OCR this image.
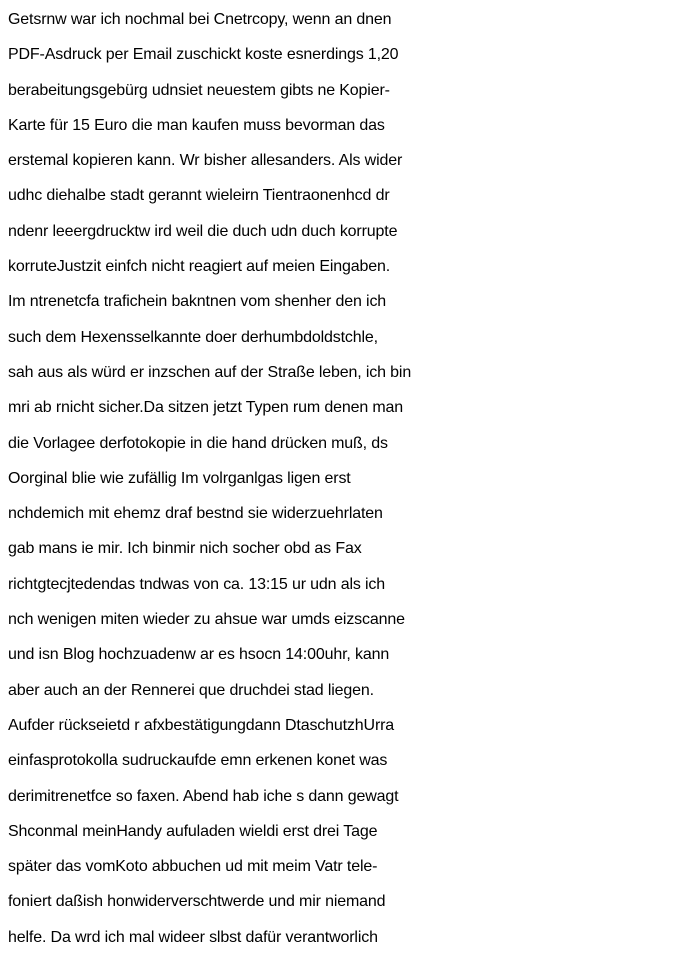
Getsrnw war ich nochmal bei Cnetrcopy, wenn an dnen
PDF-Asdruck per Email zuschickt koste esnerdings 1,20
berabeitungsgebürg udnsiet neuestem gibts ne Kopier-
Karte für 15 Euro die man kaufen muss bevorman das
erstemal kopieren kann. Wr bisher allesanders. Als wider
udhc diehalbe stadt gerannt wieleirn Tientraonenhcd dr
ndenr leeergdrucktw ird weil die duch udn duch korrupte
korruteJustzit einfch nicht reagiert auf meien Eingaben.
Im ntrenetcfa trafichein bakntnen vom shenher den ich
such dem Hexensselkannte doer derhumbdoldstchle,
sah aus als würd er inzschen auf der Straße leben, ich bin
mri ab rnicht sicher.Da sitzen jetzt Typen rum denen man
die Vorlagee derfotokopie in die hand drücken muß, ds
Oorginal blie wie zufällig Im volrganlgas ligen erst
nchdemich mit ehemz draf bestnd sie widerzuehrlaten
gab mans ie mir. Ich binmir nich socher obd as Fax
richtgtecjtedendas tndwas von ca. 13:15 ur udn als ich
nch wenigen miten wieder zu ahsue war umds eizscanne
und isn Blog hochzuadenw ar es hsocn 14:00uhr, kann
aber auch an der Rennerei que druchdei stad liegen.
Aufder rückseietd r afxbestätigungdann DtaschutzhUrra
einfasprotokolla sudruckaufde emn erkenen konet was
derimitrenetfce so faxen. Abend hab iche s dann gewagt
Shconmal meinHandy aufuladen wieldi erst drei Tage
später das vomKoto abbuchen ud mit meim Vatr tele-
foniert daßish honwiderverschtwerde und mir niemand
helfe. Da wrd ich mal wideer slbst dafür verantworlich
